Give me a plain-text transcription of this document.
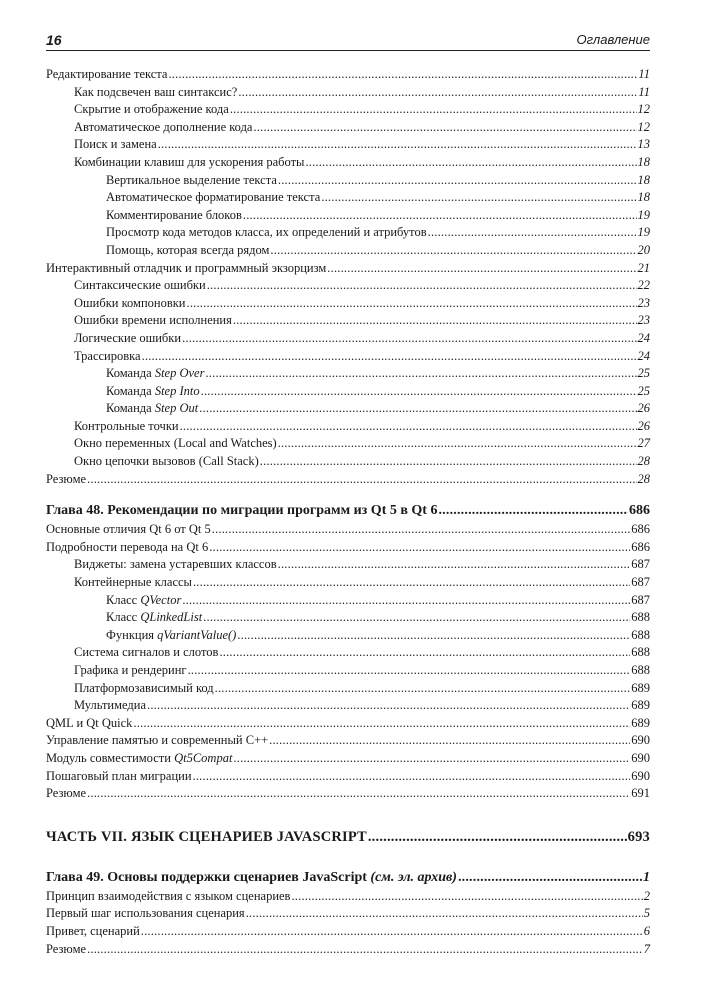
16	Оглавление
Редактирование текста .....	11
Как подсвечен ваш синтаксис? .....	11
Скрытие и отображение кода .....	12
Автоматическое дополнение кода .....	12
Поиск и замена .....	13
Комбинации клавиш для ускорения работы .....	18
Вертикальное выделение текста .....	18
Автоматическое форматирование текста .....	18
Комментирование блоков .....	19
Просмотр кода методов класса, их определений и атрибутов .....	19
Помощь, которая всегда рядом .....	20
Интерактивный отладчик и программный экзорцизм .....	21
Синтаксические ошибки .....	22
Ошибки компоновки .....	23
Ошибки времени исполнения .....	23
Логические ошибки .....	24
Трассировка .....	24
Команда Step Over .....	25
Команда Step Into .....	25
Команда Step Out .....	26
Контрольные точки .....	26
Окно переменных (Local and Watches) .....	27
Окно цепочки вызовов (Call Stack) .....	28
Резюме .....	28
Глава 48. Рекомендации по миграции программ из Qt 5 в Qt 6 .....	686
Основные отличия Qt 6 от Qt 5 .....	686
Подробности перевода на Qt 6 .....	686
Виджеты: замена устаревших классов .....	687
Контейнерные классы .....	687
Класс QVector .....	687
Класс QLinkedList .....	688
Функция qVariantValue() .....	688
Система сигналов и слотов .....	688
Графика и рендеринг .....	688
Платформозависимый код .....	689
Мультимедиа .....	689
QML и Qt Quick .....	689
Управление памятью и современный C++ .....	690
Модуль совместимости Qt5Compat .....	690
Пошаговый план миграции .....	690
Резюме .....	691
ЧАСТЬ VII. ЯЗЫК СЦЕНАРИЕВ JAVASCRIPT .....	693
Глава 49. Основы поддержки сценариев JavaScript (см. эл. архив) .....	1
Принцип взаимодействия с языком сценариев .....	2
Первый шаг использования сценария .....	5
Привет, сценарий .....	6
Резюме .....	7
